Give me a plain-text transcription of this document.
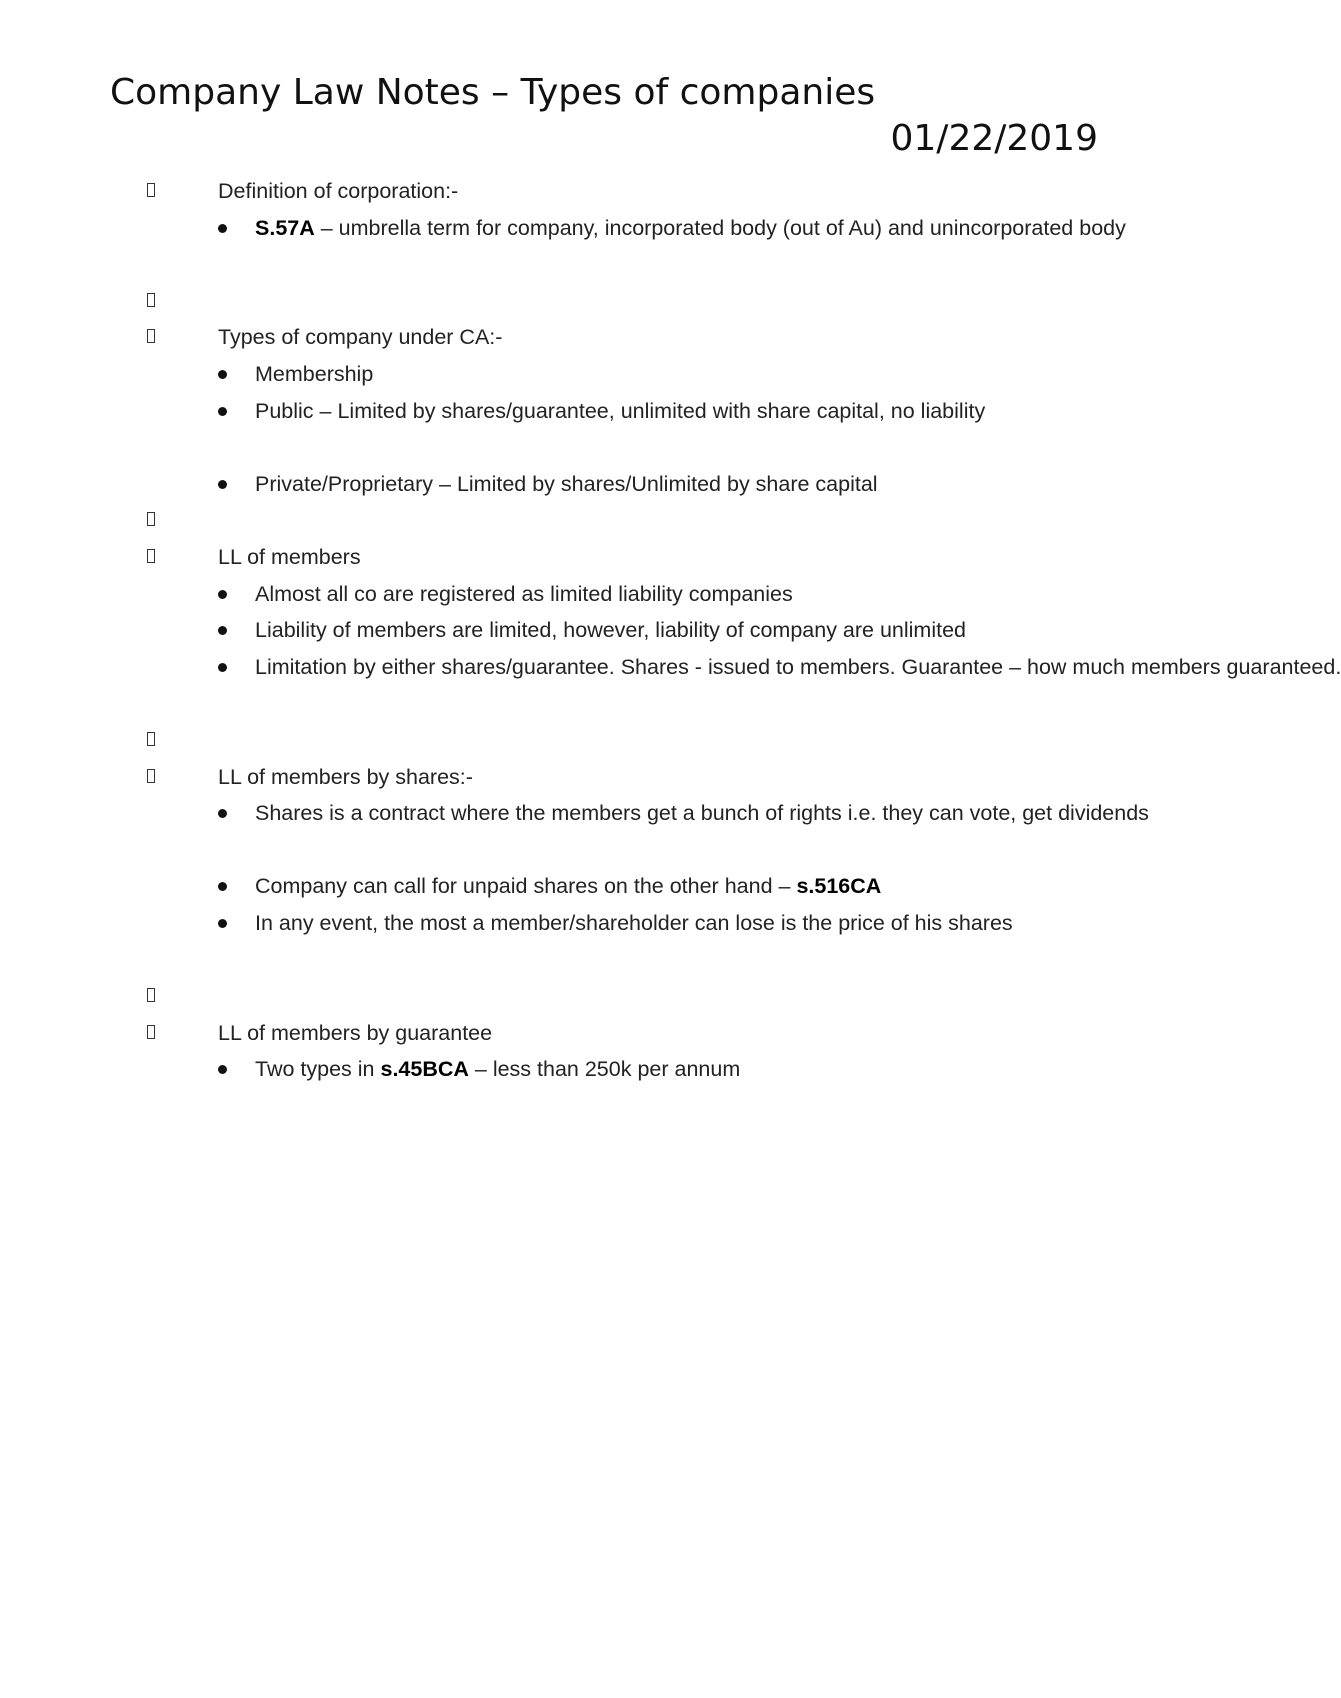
Company Law Notes – Types of companies
01/22/2019
Definition of corporation:-
S.57A – umbrella term for company, incorporated body (out of Au) and unincorporated body
Types of company under CA:-
Membership
Public – Limited by shares/guarantee, unlimited with share capital, no liability
Private/Proprietary – Limited by shares/Unlimited by share capital
LL of members
Almost all co are registered as limited liability companies
Liability of members are limited, however, liability of company are unlimited
Limitation by either shares/guarantee. Shares - issued to members. Guarantee – how much members guaranteed.
LL of members by shares:-
Shares is a contract where the members get a bunch of rights i.e. they can vote, get dividends
Company can call for unpaid shares on the other hand – s.516CA
In any event, the most a member/shareholder can lose is the price of his shares
LL of members by guarantee
Two types in s.45BCA – less than 250k per annum
